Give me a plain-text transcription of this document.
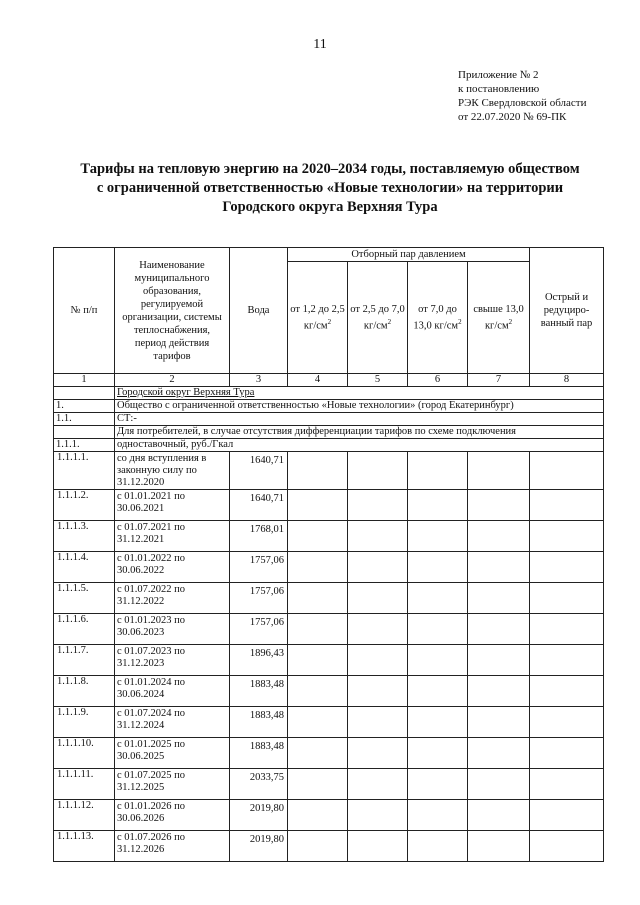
11
Приложение № 2
к постановлению
РЭК Свердловской области
от 22.07.2020 № 69-ПК
Тарифы на тепловую энергию на 2020–2034 годы, поставляемую обществом
с ограниченной ответственностью «Новые технологии» на территории
Городского округа Верхняя Тура
№ п/п	Наименование муниципального образования, регулируемой организации, системы теплоснабжения, период действия тарифов	Вода	Отборный пар давлением				Острый и редуциро-ванный пар
			от 1,2 до 2,5 $кг/см^2$	от 2,5 до 7,0 $кг/см^2$	от 7,0 до 13,0 $кг/см^2$	свыше 13,0 $кг/см^2$
1	2	3	4	5	6	7	8
	Городской округ Верхняя Тура						
1.	Общество с ограниченной ответственностью «Новые технологии» (город Екатеринбург)						
1.1.	СТ:-						
	Для потребителей, в случае отсутствия дифференциации тарифов по схеме подключения						
1.1.1.	одноставочный, руб./Гкал						
1.1.1.1.	со дня вступления в законную силу по 31.12.2020	1640,71					
1.1.1.2.	с 01.01.2021 по 30.06.2021	1640,71					
1.1.1.3.	с 01.07.2021 по 31.12.2021	1768,01					
1.1.1.4.	с 01.01.2022 по 30.06.2022	1757,06					
1.1.1.5.	с 01.07.2022 по 31.12.2022	1757,06					
1.1.1.6.	с 01.01.2023 по 30.06.2023	1757,06					
1.1.1.7.	с 01.07.2023 по 31.12.2023	1896,43					
1.1.1.8.	с 01.01.2024 по 30.06.2024	1883,48					
1.1.1.9.	с 01.07.2024 по 31.12.2024	1883,48					
1.1.1.10.	с 01.01.2025 по 30.06.2025	1883,48					
1.1.1.11.	с 01.07.2025 по 31.12.2025	2033,75					
1.1.1.12.	с 01.01.2026 по 30.06.2026	2019,80					
1.1.1.13.	с 01.07.2026 по 31.12.2026	2019,80					
